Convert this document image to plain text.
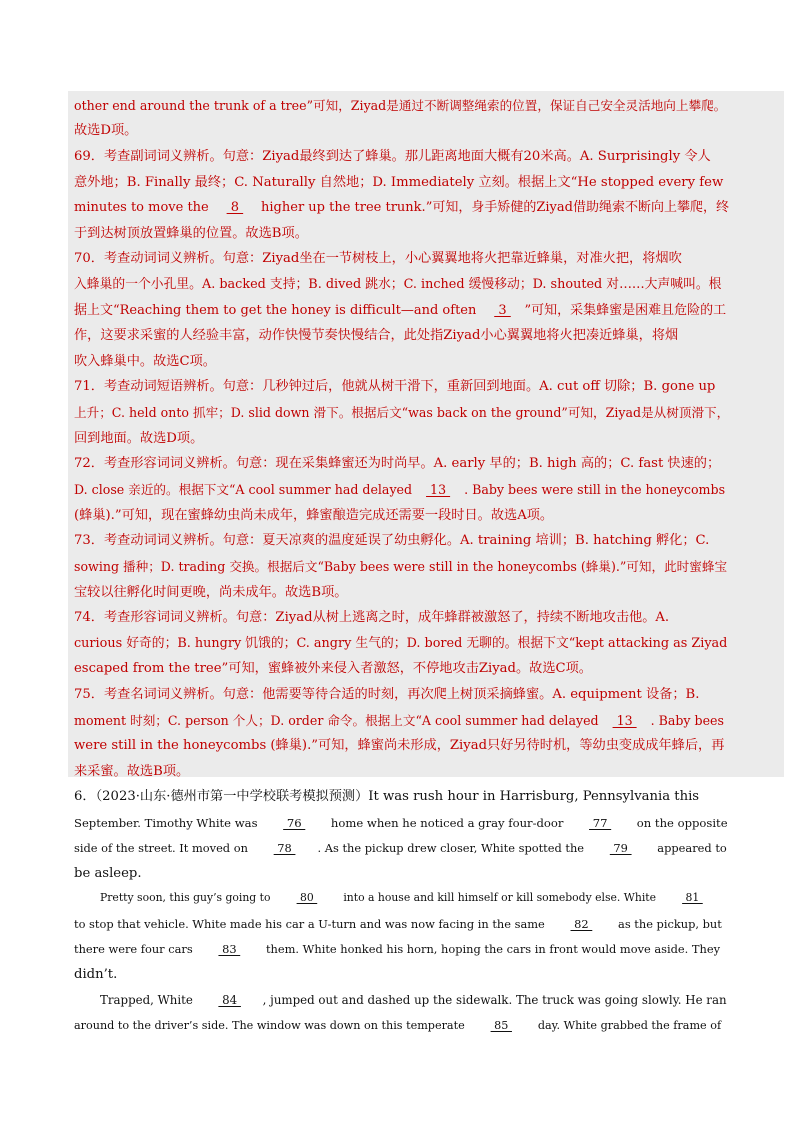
other end around the trunk of a tree”可知，Ziyad是通过不断调整绳索的位置，保证自己安全灵活地向上攀爬。
故选D项。
69．考查副词词义辨析。句意：Ziyad最终到达了蜂巢。那儿距离地面大概有20米高。A. Surprisingly 令人
意外地；B. Finally 最终；C. Naturally 自然地；D. Immediately 立刻。根据上文“He stopped every few
minutes to move the  8  higher up the tree trunk.”可知，身手矫健的Ziyad借助绳索不断向上攀爬，终
于到达树顶放置蜂巢的位置。故选B项。
70．考查动词词义辨析。句意：Ziyad坐在一节树枝上，小心翼翼地将火把靠近蜂巢，对准火把，将烟吹
入蜂巢的一个小孔里。A. backed 支持；B. dived 跳水；C. inched 缓慢移动；D. shouted 对……大声喊叫。根
据上文“Reaching them to get the honey is difficult—and often  3 ”可知，采集蜂蜜是困难且危险的工
作，这要求采蜜的人经验丰富，动作快慢节奏快慢结合，此处指Ziyad小心翼翼地将火把凑近蜂巢，将烟
吹入蜂巢中。故选C项。
71．考查动词短语辨析。句意：几秒钟过后，他就从树干滑下，重新回到地面。A. cut off 切除；B. gone up
上升；C. held onto 抓牢；D. slid down 滑下。根据后文“was back on the ground”可知，Ziyad是从树顶滑下，
回到地面。故选D项。
72．考查形容词词义辨析。句意：现在采集蜂蜜还为时尚早。A. early 早的；B. high 高的；C. fast 快速的；
D. close 亲近的。根据下文“A cool summer had delayed  13  . Baby bees were still in the honeycombs
(蜂巢).”可知，现在蜜蜂幼虫尚未成年，蜂蜜酿造完成还需要一段时日。故选A项。
73．考查动词词义辨析。句意：夏天凉爽的温度延误了幼虫孵化。A. training 培训；B. hatching 孵化；C.
sowing 播种；D. trading 交换。根据后文“Baby bees were still in the honeycombs (蜂巢).”可知，此时蜜蜂宝
宝较以往孵化时间更晚，尚未成年。故选B项。
74．考查形容词词义辨析。句意：Ziyad从树上逃离之时，成年蜂群被激怒了，持续不断地攻击他。A.
curious 好奇的；B. hungry 饥饿的；C. angry 生气的；D. bored 无聊的。根据下文“kept attacking as Ziyad
escaped from the tree”可知，蜜蜂被外来侵入者激怒，不停地攻击Ziyad。故选C项。
75．考查名词词义辨析。句意：他需要等待合适的时刻，再次爬上树顶采摘蜂蜜。A. equipment 设备；B.
moment 时刻；C. person 个人；D. order 命令。根据上文“A cool summer had delayed  13  . Baby bees
were still in the honeycombs (蜂巢).”可知，蜂蜜尚未形成，Ziyad只好另待时机，等幼虫变成成年蜂后，再
来采蜜。故选B项。
6．（2023·山东·德州市第一中学校联考模拟预测）It was rush hour in Harrisburg, Pennsylvania this
September. Timothy White was  76  home when he noticed a gray four-door  77  on the opposite
side of the street. It moved on  78 . As the pickup drew closer, White spotted the  79  appeared to
be asleep.
Pretty soon, this guy’s going to  80  into a house and kill himself or kill somebody else. White  81
to stop that vehicle. White made his car a U-turn and was now facing in the same  82  as the pickup, but
there were four cars  83  them. White honked his horn, hoping the cars in front would move aside. They
didn’t.
Trapped, White  84 , jumped out and dashed up the sidewalk. The truck was going slowly. He ran
around to the driver’s side. The window was down on this temperate  85  day. White grabbed the frame of
